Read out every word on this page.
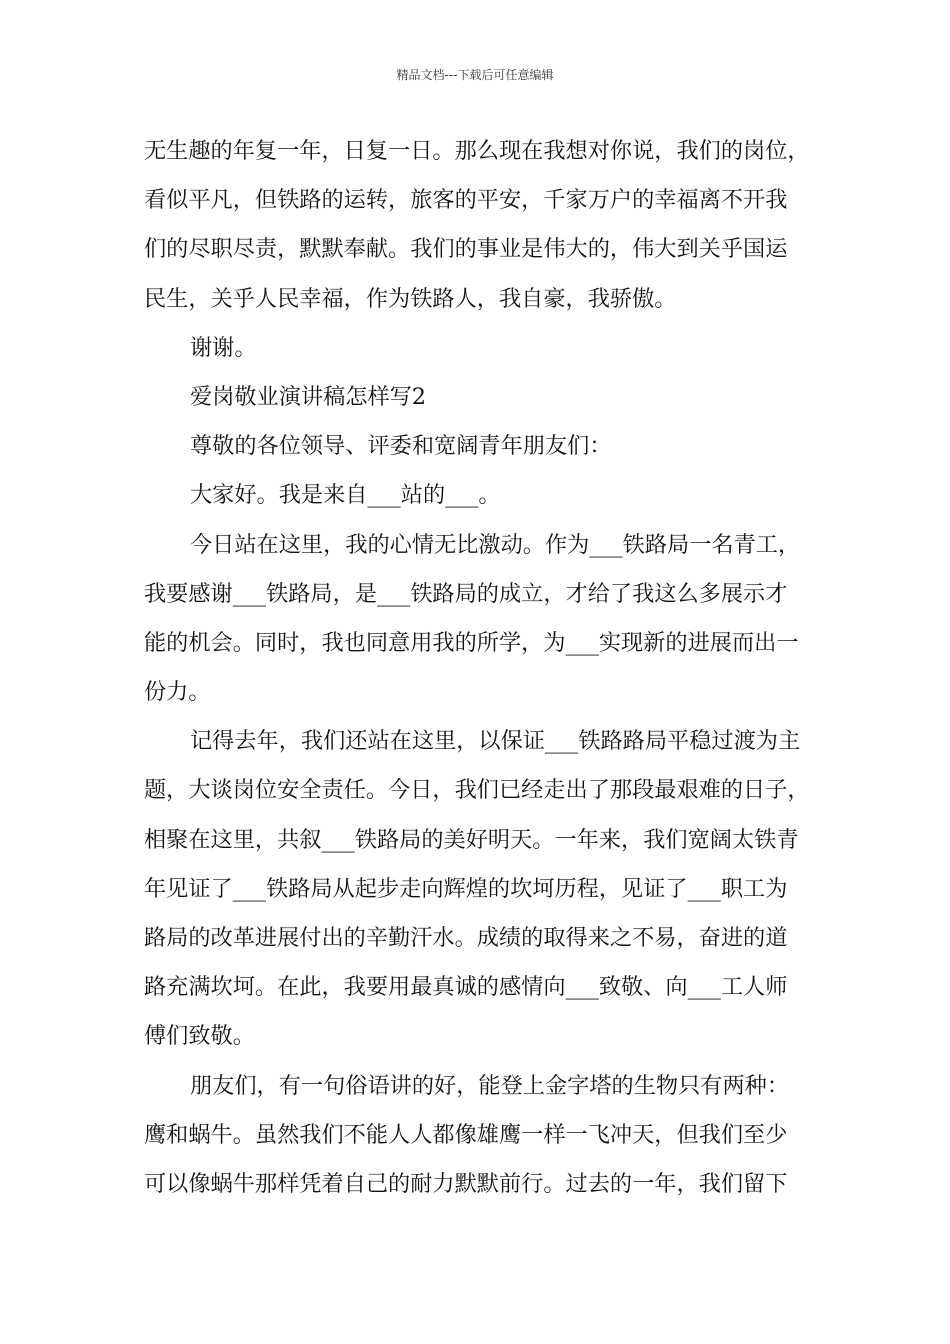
精品文档---下载后可任意编辑
无生趣的年复一年，日复一日。那么现在我想对你说，我们的岗位，
看似平凡，但铁路的运转，旅客的平安，千家万户的幸福离不开我
们的尽职尽责，默默奉献。我们的事业是伟大的，伟大到关乎国运
民生，关乎人民幸福，作为铁路人，我自豪，我骄傲。
谢谢。
爱岗敬业演讲稿怎样写2
尊敬的各位领导、评委和宽阔青年朋友们：
大家好。我是来自___站的___。
今日站在这里，我的心情无比激动。作为___铁路局一名青工，
我要感谢___铁路局，是___铁路局的成立，才给了我这么多展示才
能的机会。同时，我也同意用我的所学，为___实现新的进展而出一
份力。
记得去年，我们还站在这里，以保证___铁路路局平稳过渡为主
题，大谈岗位安全责任。今日，我们已经走出了那段最艰难的日子，
相聚在这里，共叙___铁路局的美好明天。一年来，我们宽阔太铁青
年见证了___铁路局从起步走向辉煌的坎坷历程，见证了___职工为
路局的改革进展付出的辛勤汗水。成绩的取得来之不易，奋进的道
路充满坎坷。在此，我要用最真诚的感情向___致敬、向___工人师
傅们致敬。
朋友们，有一句俗语讲的好，能登上金字塔的生物只有两种：
鹰和蜗牛。虽然我们不能人人都像雄鹰一样一飞冲天，但我们至少
可以像蜗牛那样凭着自己的耐力默默前行。过去的一年，我们留下
